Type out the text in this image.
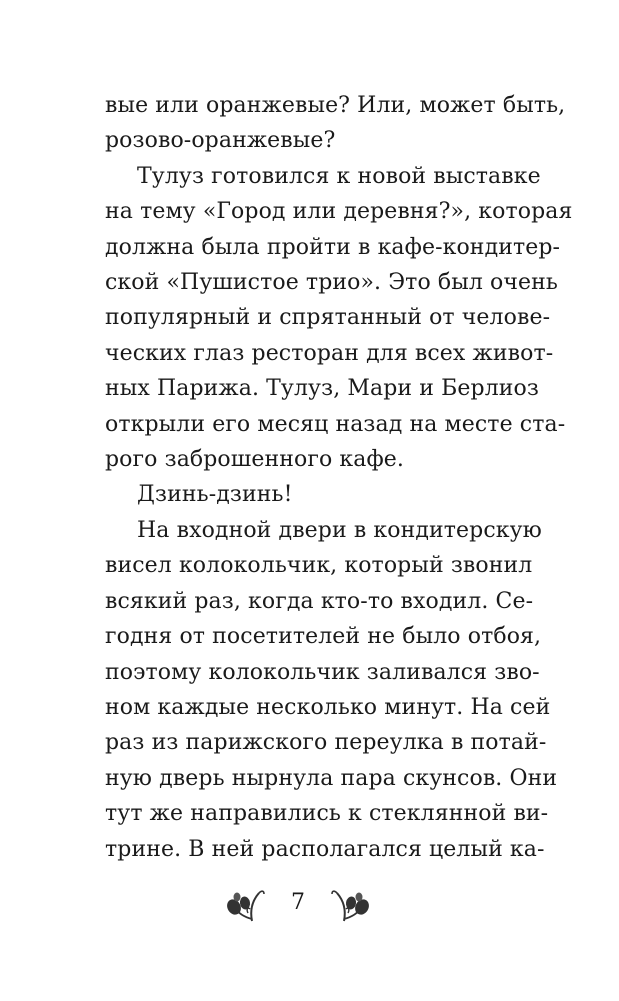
вые или оранжевые? Или, может быть,
розово-оранжевые?
Тулуз готовился к новой выставке
на тему «Город или деревня?», которая
должна была пройти в кафе-кондитер-
ской «Пушистое трио». Это был очень
популярный и спрятанный от челове-
ческих глаз ресторан для всех живот-
ных Парижа. Тулуз, Мари и Берлиоз
открыли его месяц назад на месте ста-
рого заброшенного кафе.
Дзинь-дзинь!
На входной двери в кондитерскую
висел колокольчик, который звонил
всякий раз, когда кто-то входил. Се-
годня от посетителей не было отбоя,
поэтому колокольчик заливался зво-
ном каждые несколько минут. На сей
раз из парижского переулка в потай-
ную дверь нырнула пара скунсов. Они
тут же направились к стеклянной ви-
трине. В ней располагался целый ка-
7
